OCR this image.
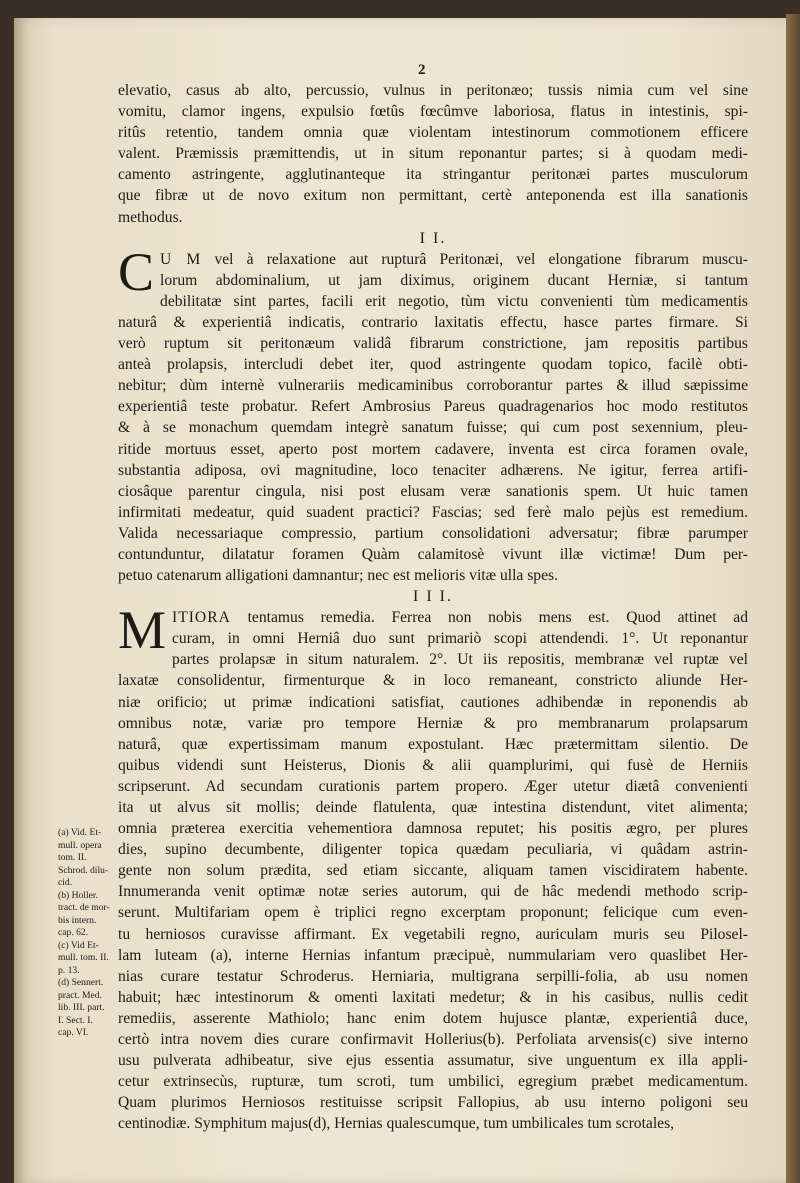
2
elevatio, casus ab alto, percussio, vulnus in peritonæo; tussis nimia cum vel sine
vomitu, clamor ingens, expulsio fœtûs fœcûmve laboriosa, flatus in intestinis, spi-
ritûs retentio, tandem omnia quæ violentam intestinorum commotionem efficere
valent. Præmissis præmittendis, ut in situm reponantur partes; si à quodam medi-
camento astringente, agglutinanteque ita stringantur peritonæi partes musculorum
que fibræ ut de novo exitum non permittant, certè anteponenda est illa sanationis
methodus.
I I.
C U M vel à relaxatione aut rupturâ Peritonæi, vel elongatione fibrarum muscu-
lorum abdominalium, ut jam diximus, originem ducant Herniæ, si tantum
debilitatæ sint partes, facili erit negotio, tùm victu convenienti tùm medicamentis
naturâ & experientiâ indicatis, contrario laxitatis effectu, hasce partes firmare. Si
verò ruptum sit peritonæum validâ fibrarum constrictione, jam repositis partibus
anteà prolapsis, intercludi debet iter, quod astringente quodam topico, facilè obti-
nebitur; dùm internè vulnerariis medicaminibus corroborantur partes & illud sæpissime
experientiâ teste probatur. Refert Ambrosius Pareus quadragenarios hoc modo restitutos
& à se monachum quemdam integrè sanatum fuisse; qui cum post sexennium, pleu-
ritide mortuus esset, aperto post mortem cadavere, inventa est circa foramen ovale,
substantia adiposa, ovi magnitudine, loco tenaciter adhærens. Ne igitur, ferrea artifi-
ciosâque parentur cingula, nisi post elusam veræ sanationis spem. Ut huic tamen
infirmitati medeatur, quid suadent practici? Fascias; sed ferè malo pejùs est remedium.
Valida necessariaque compressio, partium consolidationi adversatur; fibræ parumper
contunduntur, dilatatur foramen Quàm calamitosè vivunt illæ victimæ! Dum per-
petuo catenarum alligationi damnantur; nec est melioris vitæ ulla spes.
I I I.
M ITIORA tentamus remedia. Ferrea non nobis mens est. Quod attinet ad
curam, in omni Herniâ duo sunt primariò scopi attendendi. 1°. Ut reponantur
partes prolapsæ in situm naturalem. 2°. Ut iis repositis, membranæ vel ruptæ vel
laxatæ consolidentur, firmenturque & in loco remaneant, constricto aliunde Her-
niæ orificio; ut primæ indicationi satisfiat, cautiones adhibendæ in reponendis ab
omnibus notæ, variæ pro tempore Herniæ & pro membranarum prolapsarum
naturâ, quæ expertissimam manum expostulant. Hæc prætermittam silentio. De
quibus videndi sunt Heisterus, Dionis & alii quamplurimi, qui fusè de Herniis
scripserunt. Ad secundam curationis partem propero. Æger utetur diætâ convenienti
ita ut alvus sit mollis; deinde flatulenta, quæ intestina distendunt, vitet alimenta;
omnia præterea exercitia vehementiora damnosa reputet; his positis ægro, per plures
dies, supino decumbente, diligenter topica quædam peculiaria, vi quâdam astrin-
gente non solum prædita, sed etiam siccante, aliquam tamen viscidiratem habente.
Innumeranda venit optimæ notæ series autorum, qui de hâc medendi methodo scrip-
serunt. Multifariam opem è triplici regno excerptam proponunt; felicique cum even-
tu herniosos curavisse affirmant. Ex vegetabili regno, auriculam muris seu Pilosel-
lam luteam (a), interne Hernias infantum præcipuè, nummulariam vero quaslibet Her-
nias curare testatur Schroderus. Herniaria, multigrana serpilli-folia, ab usu nomen
habuit; hæc intestinorum & omenti laxitati medetur; & in his casibus, nullis cedit
remediis, asserente Mathiolo; hanc enim dotem hujusce plantæ, experientiâ duce,
certò intra novem dies curare confirmavit Hollerius(b). Perfoliata arvensis(c) sive interno
usu pulverata adhibeatur, sive ejus essentia assumatur, sive unguentum ex illa appli-
cetur extrinsecùs, rupturæ, tum scroti, tum umbilici, egregium præbet medicamentum.
Quam plurimos Herniosos restituisse scripsit Fallopius, ab usu interno poligoni seu
centinodiæ. Symphitum majus(d), Hernias qualescumque, tum umbilicales tum scrotales,
(a) Vid. Et-
mull. opera
tom. II.
Schrod. dilu-
cid.
(b) Holler.
tract. de mor-
bis intern.
cap. 62.
(c) Vid Et-
mull. tom. II.
p. 13.
(d) Sennert.
pract. Med.
lib. III. part.
I. Sect. I.
cap. VI.
